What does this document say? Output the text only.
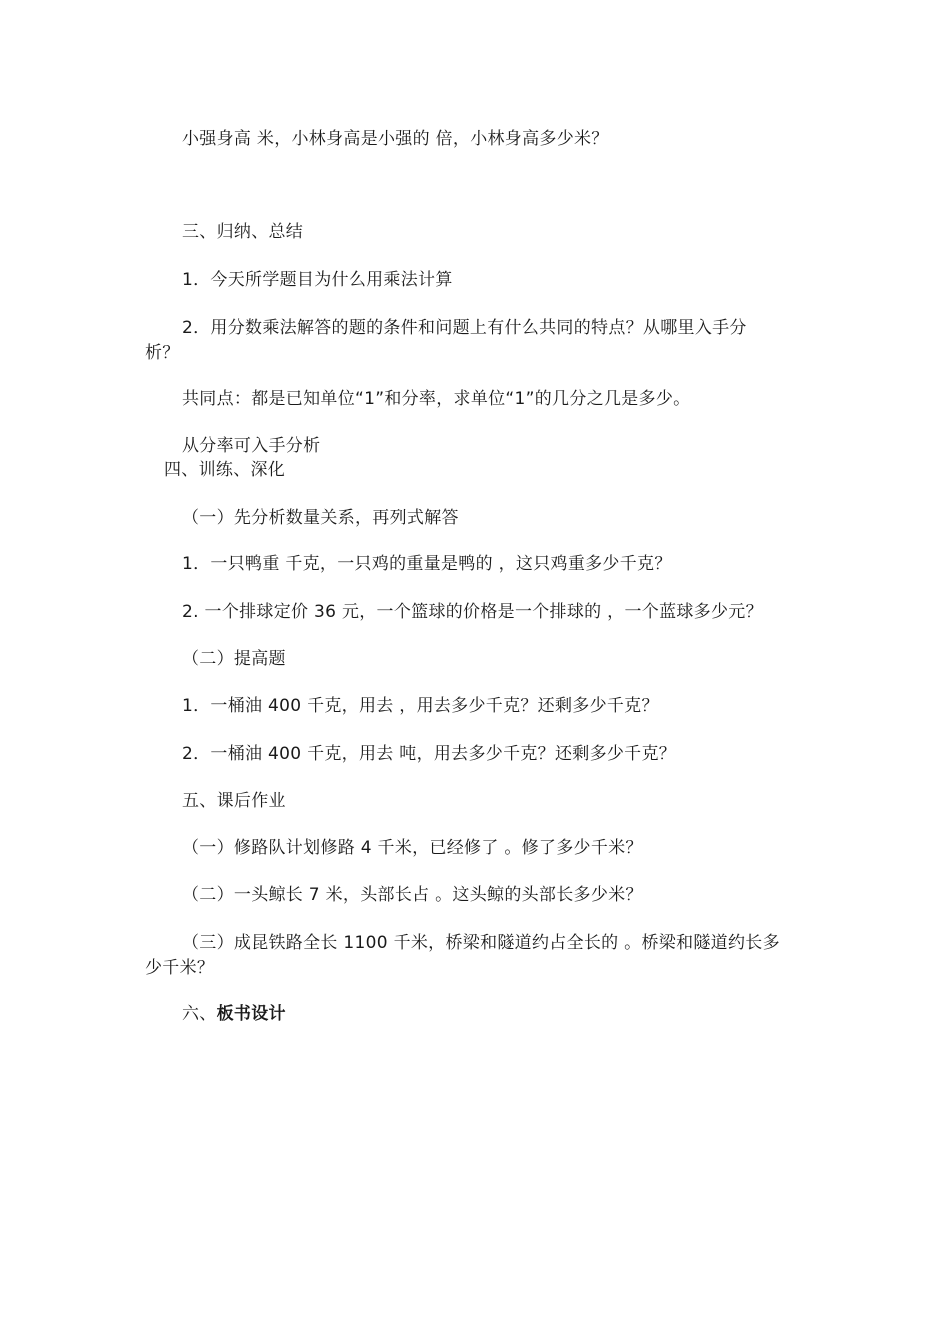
小强身高 米，小林身高是小强的 倍，小林身高多少米？
三、归纳、总结
1．今天所学题目为什么用乘法计算
2．用分数乘法解答的题的条件和问题上有什么共同的特点？从哪里入手分
析？
共同点：都是已知单位“1”和分率，求单位“1”的几分之几是多少。
从分率可入手分析
四、训练、深化
（一）先分析数量关系，再列式解答
1．一只鸭重 千克，一只鸡的重量是鸭的 ，这只鸡重多少千克？
2. 一个排球定价 36 元，一个篮球的价格是一个排球的 ，一个蓝球多少元？
（二）提高题
1．一桶油 400 千克，用去 ，用去多少千克？还剩多少千克？
2．一桶油 400 千克，用去 吨，用去多少千克？还剩多少千克？
五、课后作业
（一）修路队计划修路 4 千米，已经修了 。修了多少千米？
（二）一头鲸长 7 米，头部长占 。这头鲸的头部长多少米？
（三）成昆铁路全长 1100 千米，桥梁和隧道约占全长的 。桥梁和隧道约长多
少千米？
六、板书设计
